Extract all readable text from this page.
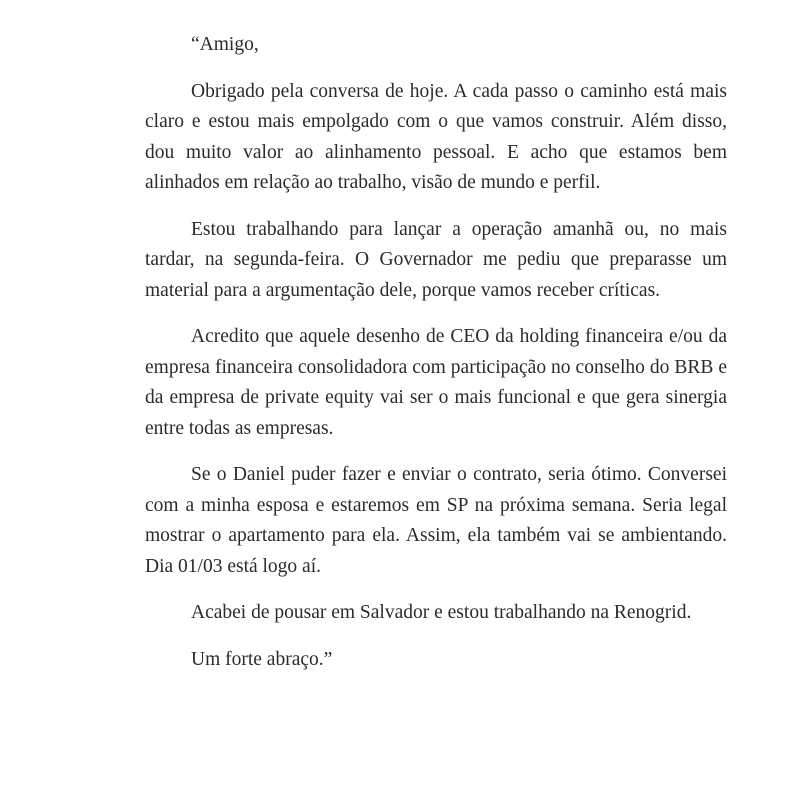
“Amigo,

Obrigado pela conversa de hoje. A cada passo o caminho está mais claro e estou mais empolgado com o que vamos construir. Além disso, dou muito valor ao alinhamento pessoal. E acho que estamos bem alinhados em relação ao trabalho, visão de mundo e perfil.

Estou trabalhando para lançar a operação amanhã ou, no mais tardar, na segunda-feira. O Governador me pediu que preparasse um material para a argumentação dele, porque vamos receber críticas.

Acredito que aquele desenho de CEO da holding financeira e/ou da empresa financeira consolidadora com participação no conselho do BRB e da empresa de private equity vai ser o mais funcional e que gera sinergia entre todas as empresas.

Se o Daniel puder fazer e enviar o contrato, seria ótimo. Conversei com a minha esposa e estaremos em SP na próxima semana. Seria legal mostrar o apartamento para ela. Assim, ela também vai se ambientando. Dia 01/03 está logo aí.

Acabei de pousar em Salvador e estou trabalhando na Renogrid.

Um forte abraço.”
